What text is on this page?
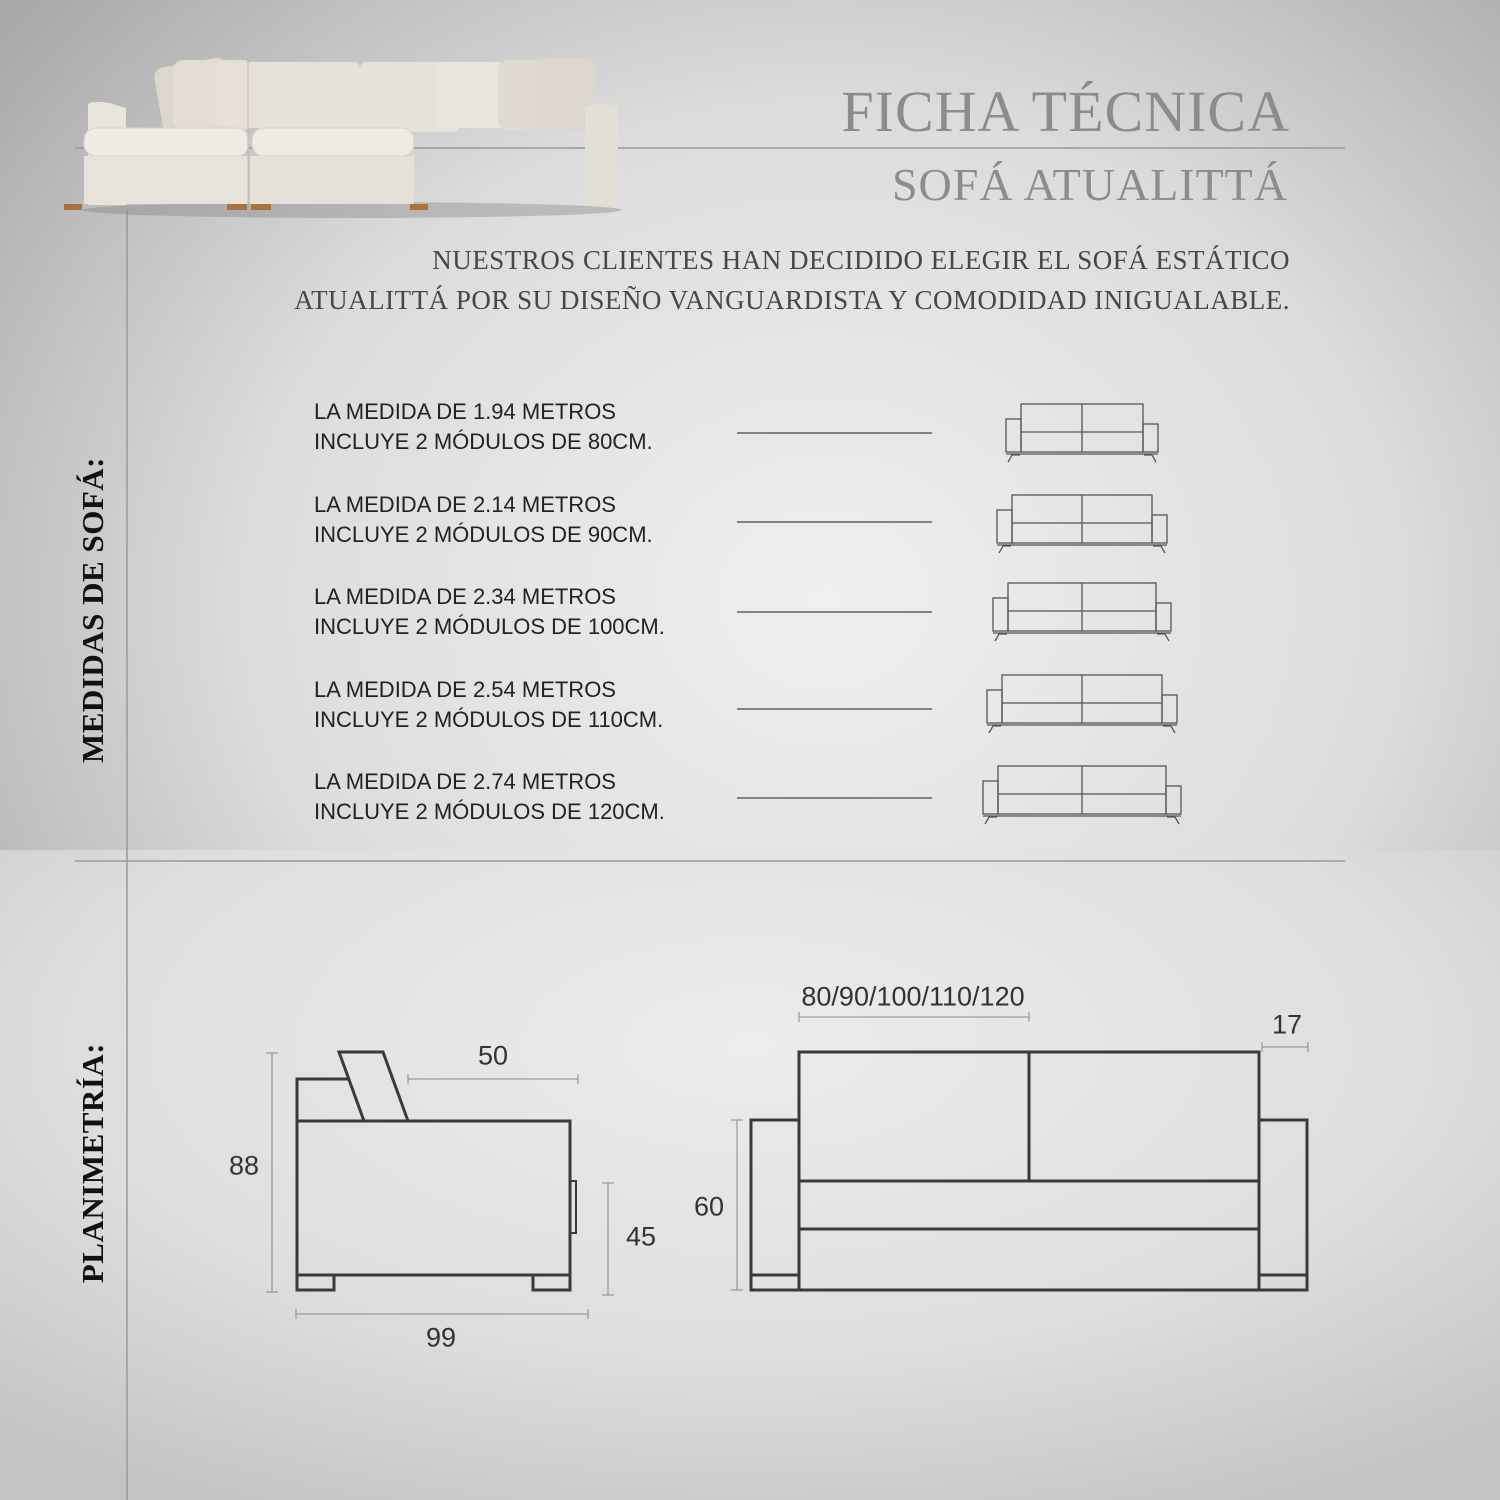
FICHA TÉCNICA
SOFÁ ATUALITTÁ
NUESTROS CLIENTES HAN DECIDIDO ELEGIR EL SOFÁ ESTÁTICO
ATUALITTÁ POR SU DISEÑO VANGUARDISTA Y COMODIDAD INIGUALABLE.
MEDIDAS DE SOFÁ:
PLANIMETRÍA:
LA MEDIDA DE 1.94 METROS
INCLUYE 2 MÓDULOS DE 80CM.
LA MEDIDA DE 2.14 METROS
INCLUYE 2 MÓDULOS DE 90CM.
LA MEDIDA DE 2.34 METROS
INCLUYE 2 MÓDULOS DE 100CM.
LA MEDIDA DE 2.54 METROS
INCLUYE 2 MÓDULOS DE 110CM.
LA MEDIDA DE 2.74 METROS
INCLUYE 2 MÓDULOS DE 120CM.
88
50
45
99
80/90/100/110/120
17
60
